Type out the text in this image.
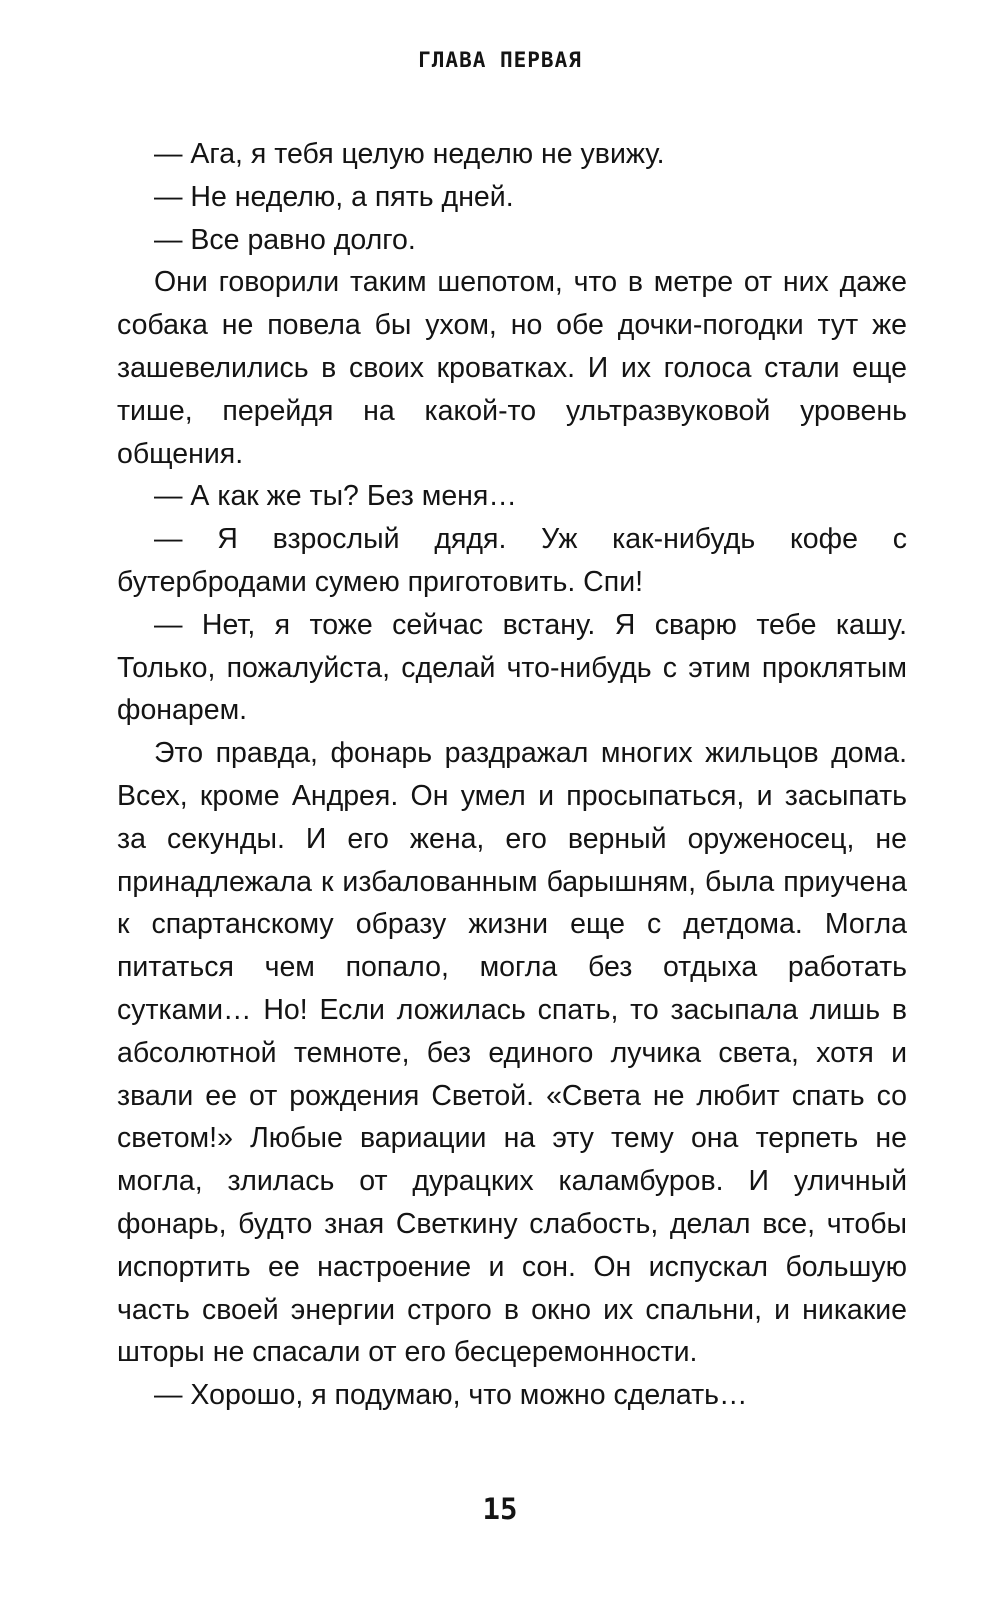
ГЛАВА ПЕРВАЯ

— Ага, я тебя целую неделю не увижу.

— Не неделю, а пять дней.

— Все равно долго.

Они говорили таким шепотом, что в метре от них даже собака не повела бы ухом, но обе дочки-погодки тут же зашевелились в своих кроватках. И их голоса стали еще тише, перейдя на какой-то ультразвуковой уровень общения.

— А как же ты? Без меня…

— Я взрослый дядя. Уж как-нибудь кофе с бутербродами сумею приготовить. Спи!

— Нет, я тоже сейчас встану. Я сварю тебе кашу. Только, пожалуйста, сделай что-нибудь с этим проклятым фонарем.

Это правда, фонарь раздражал многих жильцов дома. Всех, кроме Андрея. Он умел и просыпаться, и засыпать за секунды. И его жена, его верный оруженосец, не принадлежала к избалованным барышням, была приучена к спартанскому образу жизни еще с детдома. Могла питаться чем попало, могла без отдыха работать сутками… Но! Если ложилась спать, то засыпала лишь в абсолютной темноте, без единого лучика света, хотя и звали ее от рождения Светой. «Света не любит спать со светом!» Любые вариации на эту тему она терпеть не могла, злилась от дурацких каламбуров. И уличный фонарь, будто зная Светкину слабость, делал все, чтобы испортить ее настроение и сон. Он испускал большую часть своей энергии строго в окно их спальни, и никакие шторы не спасали от его бесцеремонности.

— Хорошо, я подумаю, что можно сделать…

15
